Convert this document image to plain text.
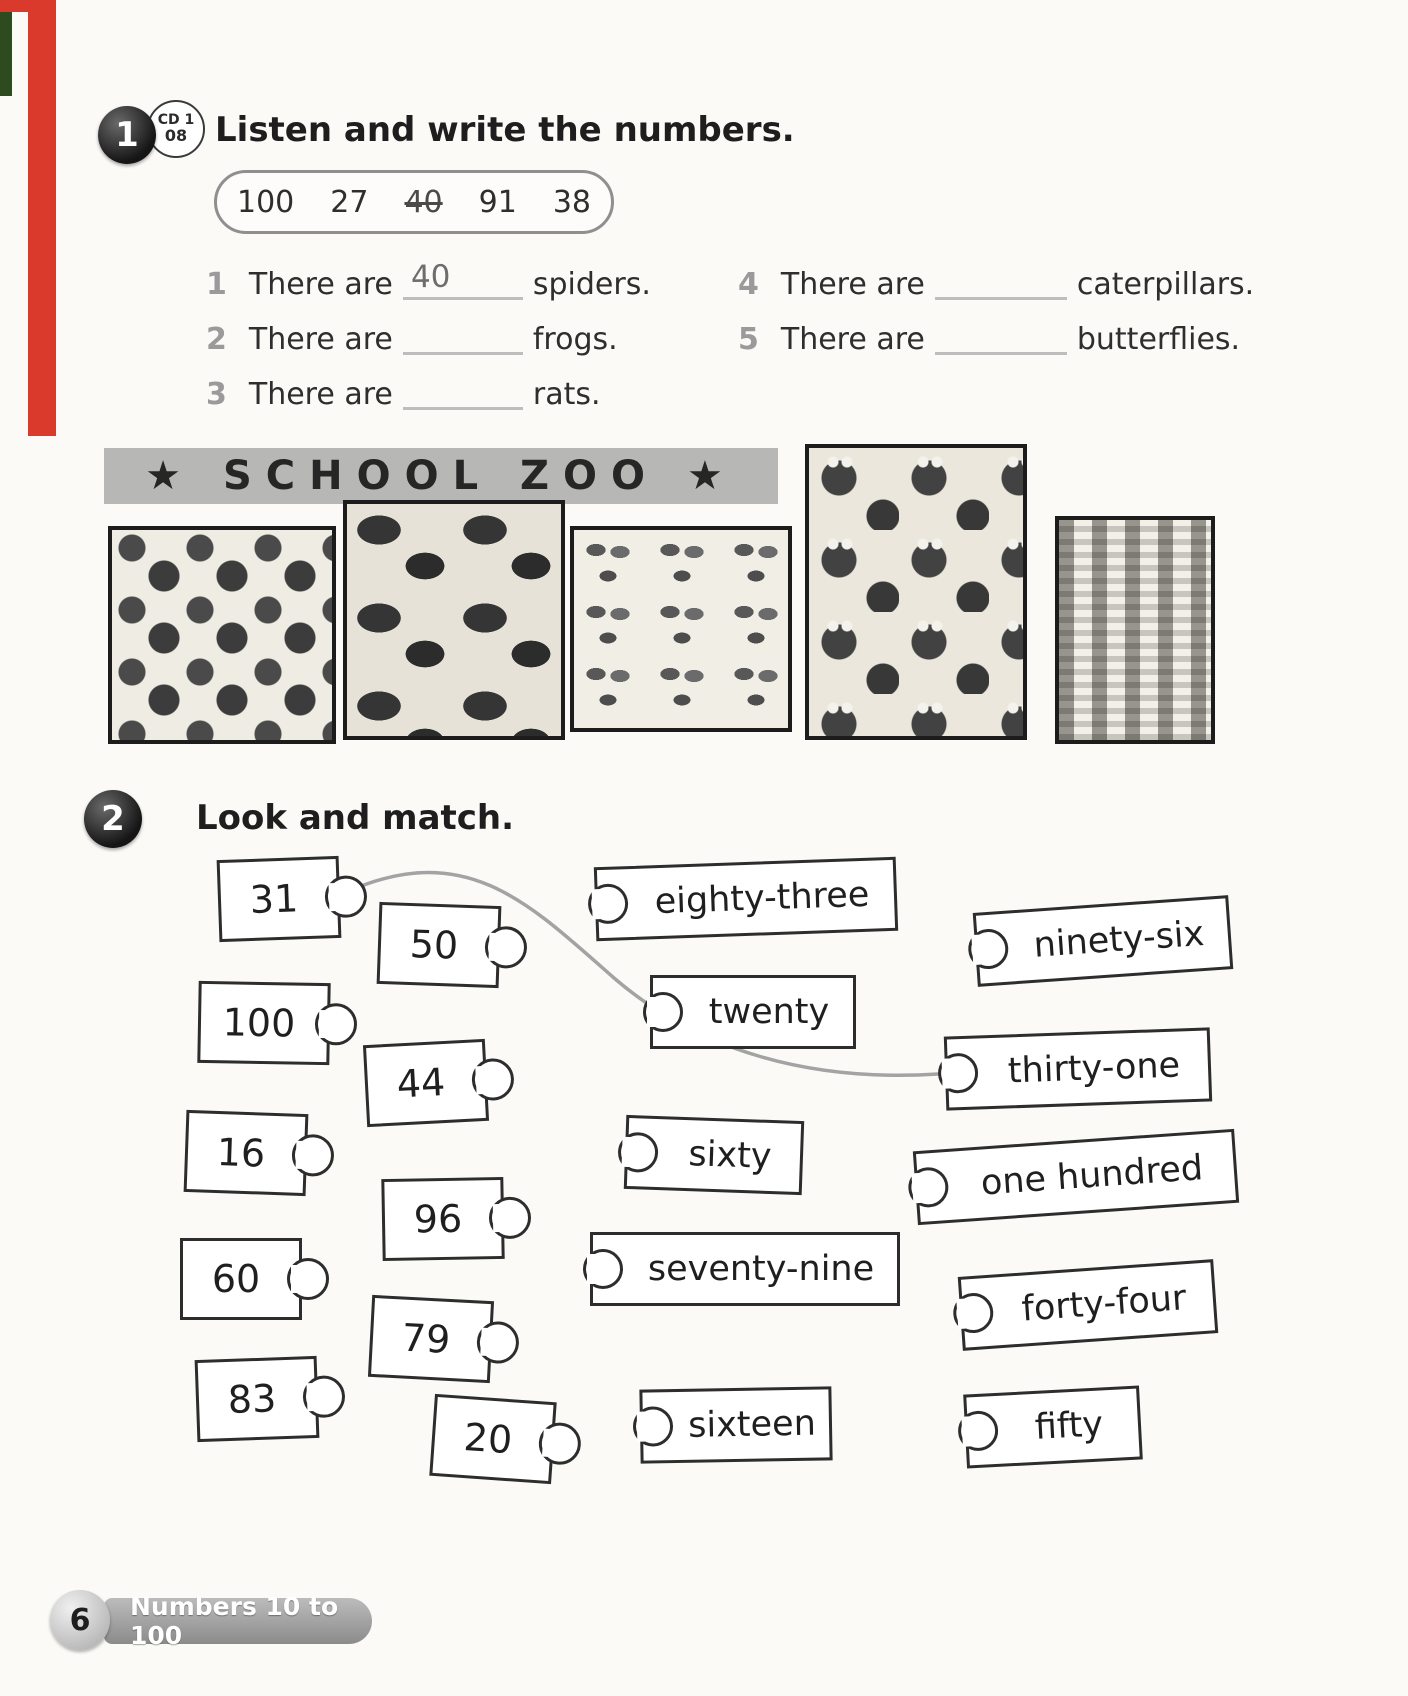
CD 1
08
1 Listen and write the numbers.
100 27 40 91 38
1 There are 40	spiders.
2 There are	frogs.
3 There are	rats.
4 There are	caterpillars.
5 There are	butterflies.
★ SCHOOL ZOO ★
2 Look and match.
31
50
100
44
16
96
60
79
83
20
eighty-three
ninety-six
twenty
thirty-one
sixty	one hundred
seventy-nine
forty-four
sixteen	fifty
6 Numbers 10 to 100
